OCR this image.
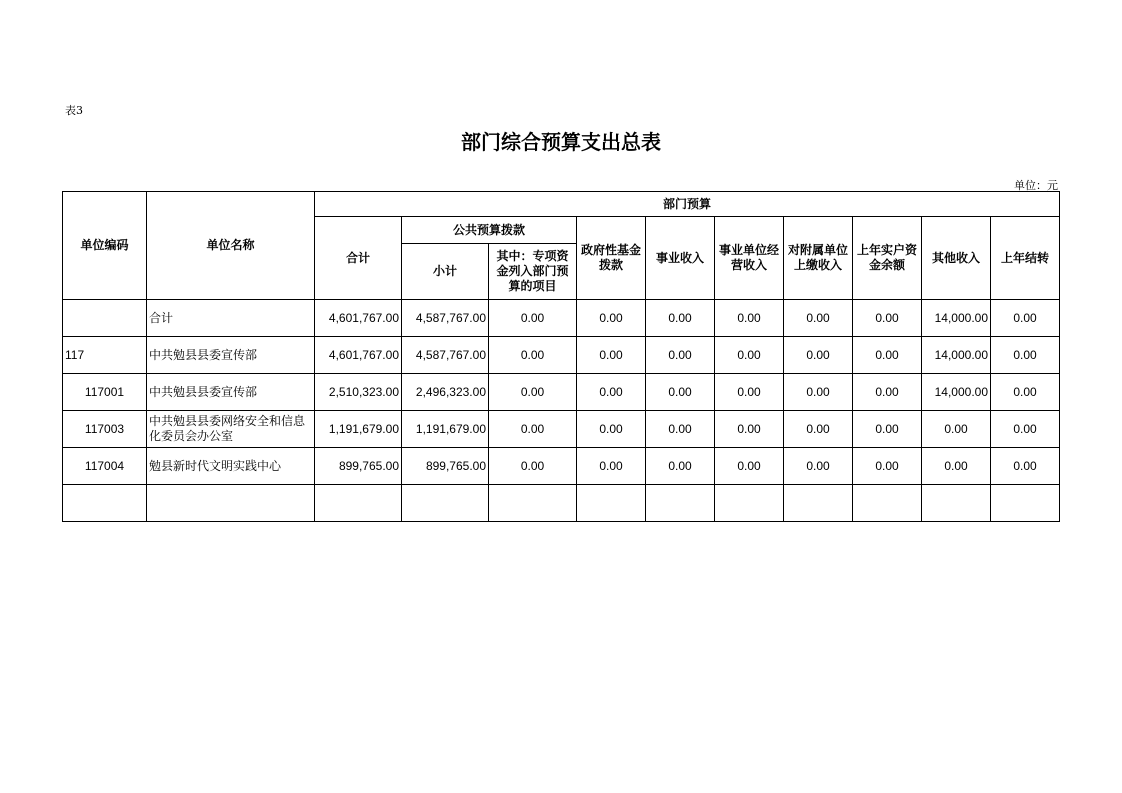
表3
部门综合预算支出总表
单位：元
单位编码	单位名称	部门预算									
		合计	公共预算拨款		政府性基金拨款	事业收入	事业单位经营收入	对附属单位上缴收入	上年实户资金余额	其他收入	上年结转
			小计	其中：专项资金列入部门预算的项目							
	合计	4,601,767.00	4,587,767.00	0.00	0.00	0.00	0.00	0.00	0.00	14,000.00	0.00
117	中共勉县县委宣传部	4,601,767.00	4,587,767.00	0.00	0.00	0.00	0.00	0.00	0.00	14,000.00	0.00
117001	中共勉县县委宣传部	2,510,323.00	2,496,323.00	0.00	0.00	0.00	0.00	0.00	0.00	14,000.00	0.00
117003	中共勉县县委网络安全和信息化委员会办公室	1,191,679.00	1,191,679.00	0.00	0.00	0.00	0.00	0.00	0.00	0.00	0.00
117004	勉县新时代文明实践中心	899,765.00	899,765.00	0.00	0.00	0.00	0.00	0.00	0.00	0.00	0.00
